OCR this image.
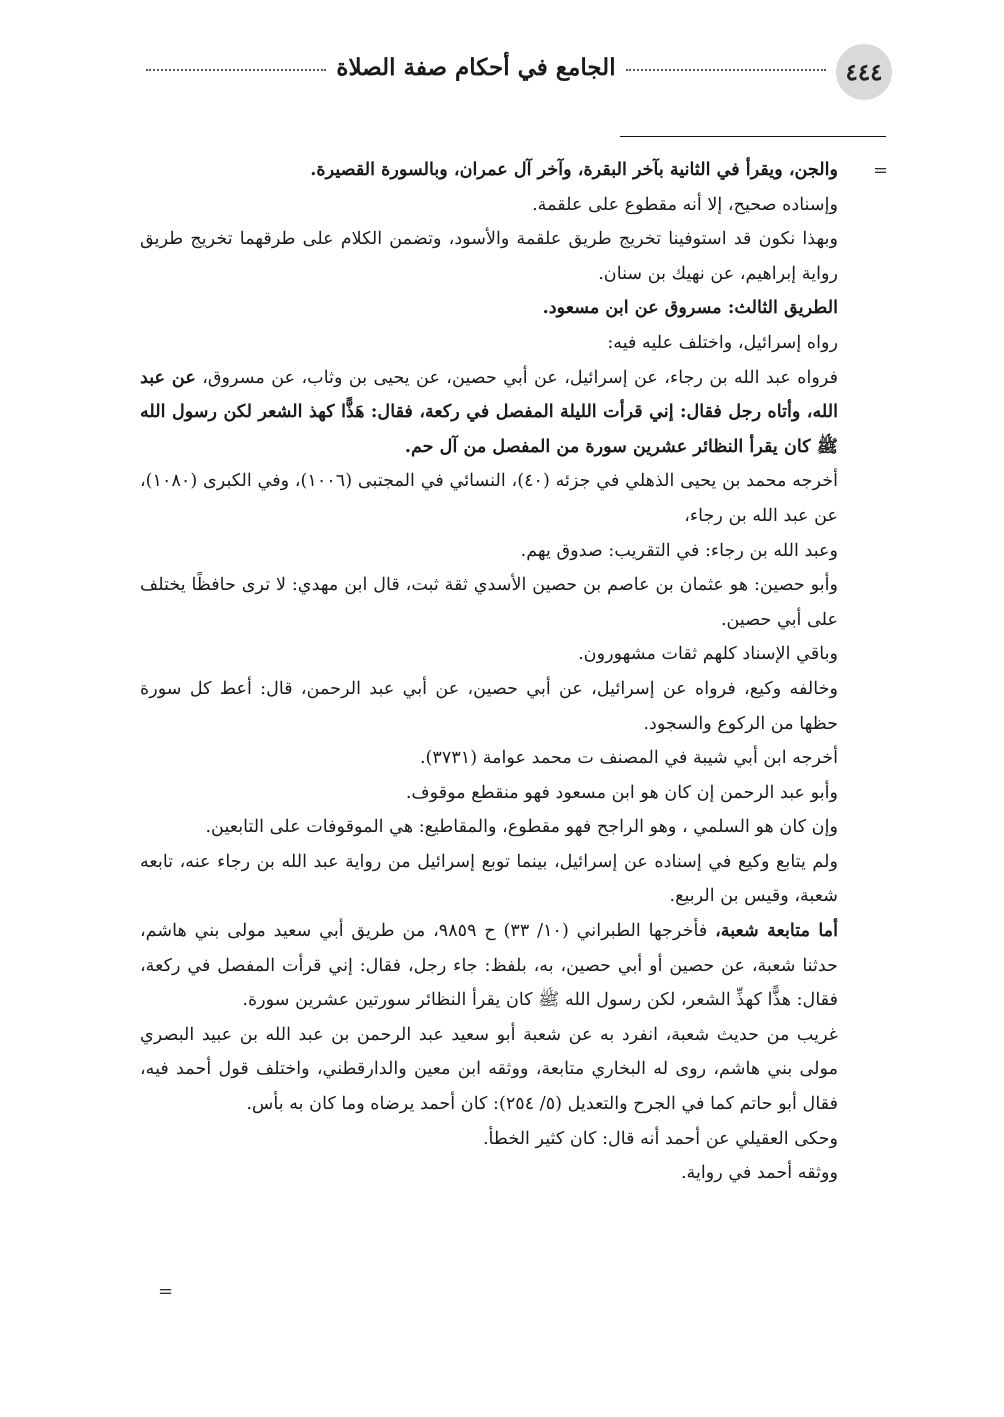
الجامع في أحكام صفة الصلاة	٤٤٤
=

والجن، ويقرأ في الثانية بآخر البقرة، وآخر آل عمران، وبالسورة القصيرة.

وإسناده صحيح، إلا أنه مقطوع على علقمة.

وبهذا نكون قد استوفينا تخريج طريق علقمة والأسود، وتضمن الكلام على طرقهما تخريج طريق رواية إبراهيم، عن نهيك بن سنان.

الطريق الثالث: مسروق عن ابن مسعود.

رواه إسرائيل، واختلف عليه فيه:

فرواه عبد الله بن رجاء، عن إسرائيل، عن أبي حصين، عن يحيى بن وثاب، عن مسروق، عن عبد الله، وأتاه رجل فقال: إني قرأت الليلة المفصل في ركعة، فقال: هَذًّا كهذ الشعر لكن رسول الله ﷺ كان يقرأ النظائر عشرين سورة من المفصل من آل حم.

أخرجه محمد بن يحيى الذهلي في جزئه (٤٠)، النسائي في المجتبى (١٠٠٦)، وفي الكبرى (١٠٨٠)، عن عبد الله بن رجاء،

وعبد الله بن رجاء: في التقريب: صدوق يهم.

وأبو حصين: هو عثمان بن عاصم بن حصين الأسدي ثقة ثبت، قال ابن مهدي: لا ترى حافظًا يختلف على أبي حصين.

وباقي الإسناد كلهم ثقات مشهورون.

وخالفه وكيع، فرواه عن إسرائيل، عن أبي حصين، عن أبي عبد الرحمن، قال: أعط كل سورة حظها من الركوع والسجود.

أخرجه ابن أبي شيبة في المصنف ت محمد عوامة (٣٧٣١).

وأبو عبد الرحمن إن كان هو ابن مسعود فهو منقطع موقوف.

وإن كان هو السلمي ، وهو الراجح فهو مقطوع، والمقاطيع: هي الموقوفات على التابعين.

ولم يتابع وكيع في إسناده عن إسرائيل، بينما توبع إسرائيل من رواية عبد الله بن رجاء عنه، تابعه شعبة، وقيس بن الربيع.

أما متابعة شعبة، فأخرجها الطبراني (١٠/ ٣٣) ح ٩٨٥٩، من طريق أبي سعيد مولى بني هاشم، حدثنا شعبة، عن حصين أو أبي حصين، به، بلفظ: جاء رجل، فقال: إني قرأت المفصل في ركعة، فقال: هذًّا كهذِّ الشعر، لكن رسول الله ﷺ كان يقرأ النظائر سورتين عشرين سورة.

غريب من حديث شعبة، انفرد به عن شعبة أبو سعيد عبد الرحمن بن عبد الله بن عبيد البصري مولى بني هاشم، روى له البخاري متابعة، ووثقه ابن معين والدارقطني، واختلف قول أحمد فيه، فقال أبو حاتم كما في الجرح والتعديل (٥/ ٢٥٤): كان أحمد يرضاه وما كان به بأس.

وحكى العقيلي عن أحمد أنه قال: كان كثير الخطأ.

ووثقه أحمد في رواية.

=
